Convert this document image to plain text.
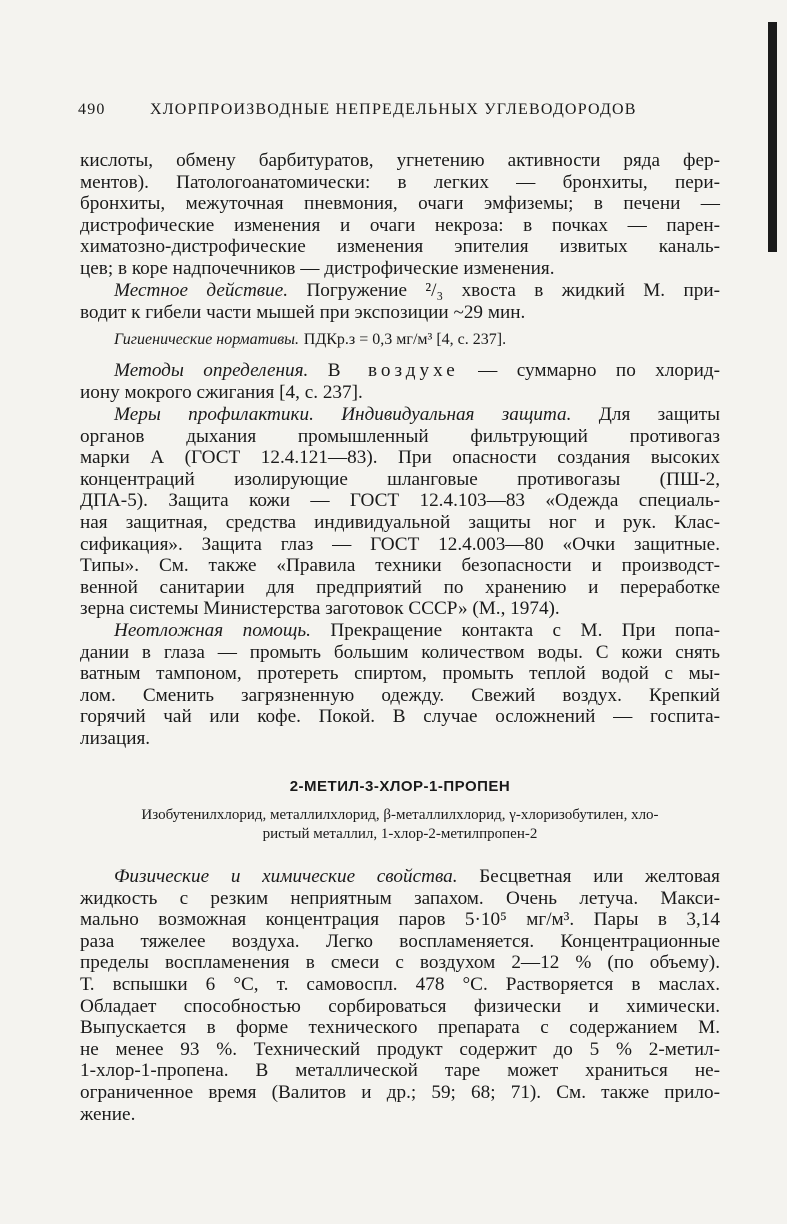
490	ХЛОРПРОИЗВОДНЫЕ НЕПРЕДЕЛЬНЫХ УГЛЕВОДОРОДОВ
кислоты, обмену барбитуратов, угнетению активности ряда фер-
ментов). Патологоанатомически: в легких — бронхиты, пери-
бронхиты, межуточная пневмония, очаги эмфиземы; в печени —
дистрофические изменения и очаги некроза: в почках — парен-
химатозно-дистрофические изменения эпителия извитых каналь-
цев; в коре надпочечников — дистрофические изменения.
Местное действие. Погружение ²/₃ хвоста в жидкий М. при-
водит к гибели части мышей при экспозиции ~29 мин.
Гигиенические нормативы. ПДКр.з = 0,3 мг/м³ [4, с. 237].
Методы определения. В воздухе — суммарно по хлорид-
иону мокрого сжигания [4, с. 237].
Меры профилактики. Индивидуальная защита. Для защиты
органов дыхания промышленный фильтрующий противогаз
марки А (ГОСТ 12.4.121—83). При опасности создания высоких
концентраций изолирующие шланговые противогазы (ПШ-2,
ДПА-5). Защита кожи — ГОСТ 12.4.103—83 «Одежда специаль-
ная защитная, средства индивидуальной защиты ног и рук. Клас-
сификация». Защита глаз — ГОСТ 12.4.003—80 «Очки защитные.
Типы». См. также «Правила техники безопасности и производст-
венной санитарии для предприятий по хранению и переработке
зерна системы Министерства заготовок СССР» (М., 1974).
Неотложная помощь. Прекращение контакта с М. При попа-
дании в глаза — промыть большим количеством воды. С кожи снять
ватным тампоном, протереть спиртом, промыть теплой водой с мы-
лом. Сменить загрязненную одежду. Свежий воздух. Крепкий
горячий чай или кофе. Покой. В случае осложнений — госпита-
лизация.
2-МЕТИЛ-3-ХЛОР-1-ПРОПЕН
Изобутенилхлорид, металлилхлорид, β-металлилхлорид, γ-хлоризобутилен, хло-
ристый металлил, 1-хлор-2-метилпропен-2
Физические и химические свойства. Бесцветная или желтовая
жидкость с резким неприятным запахом. Очень летуча. Макси-
мально возможная концентрация паров 5·10⁵ мг/м³. Пары в 3,14
раза тяжелее воздуха. Легко воспламеняется. Концентрационные
пределы воспламенения в смеси с воздухом 2—12 % (по объему).
Т. вспышки 6 °С, т. самовоспл. 478 °С. Растворяется в маслах.
Обладает способностью сорбироваться физически и химически.
Выпускается в форме технического препарата с содержанием М.
не менее 93 %. Технический продукт содержит до 5 % 2-метил-
1-хлор-1-пропена. В металлической таре может храниться не-
ограниченное время (Валитов и др.; 59; 68; 71). См. также прило-
жение.
